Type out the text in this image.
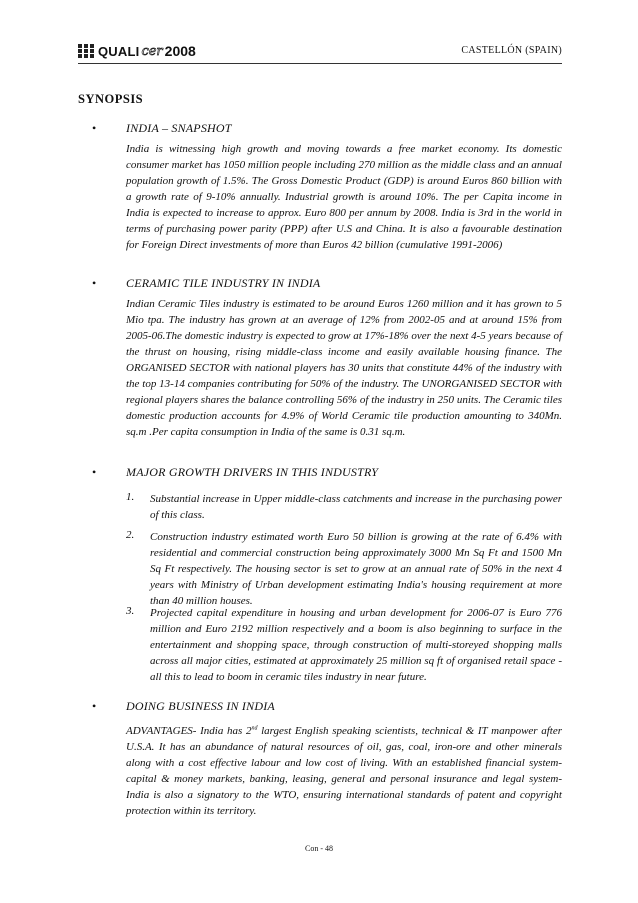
QUALI cer 2008	CASTELLÓN (SPAIN)
SYNOPSIS
• INDIA – SNAPSHOT

India is witnessing high growth and moving towards a free market economy. Its domestic consumer market has 1050 million people including 270 million as the middle class and an annual population growth of 1.5%. The Gross Domestic Product (GDP) is around Euros 860 billion with a growth rate of 9-10% annually. Industrial growth is around 10%. The per Capita income in India is expected to increase to approx. Euro 800 per annum by 2008. India is 3rd in the world in terms of purchasing power parity (PPP) after U.S and China. It is also a favourable destination for Foreign Direct investments of more than Euros 42 billion (cumulative 1991-2006)

• CERAMIC TILE INDUSTRY IN INDIA

Indian Ceramic Tiles industry is estimated to be around Euros 1260 million and it has grown to 5 Mio tpa. The industry has grown at an average of 12% from 2002-05 and at around 15% from 2005-06.The domestic industry is expected to grow at 17%-18% over the next 4-5 years because of the thrust on housing, rising middle-class income and easily available housing finance. The ORGANISED SECTOR with national players has 30 units that constitute 44% of the industry with the top 13-14 companies contributing for 50% of the industry. The UNORGANISED SECTOR with regional players shares the balance controlling 56% of the industry in 250 units. The Ceramic tiles domestic production accounts for 4.9% of World Ceramic tile production amounting to 340Mn. sq.m .Per capita consumption in India of the same is 0.31 sq.m.

• MAJOR GROWTH DRIVERS IN THIS INDUSTRY
1. Substantial increase in Upper middle-class catchments and increase in the purchasing power of this class.

2. Construction industry estimated worth Euro 50 billion is growing at the rate of 6.4% with residential and commercial construction being approximately 3000 Mn Sq Ft and 1500 Mn Sq Ft respectively. The housing sector is set to grow at an annual rate of 50% in the next 4 years with Ministry of Urban development estimating India's housing requirement at more than 40 million houses.

3. Projected capital expenditure in housing and urban development for 2006-07 is Euro 776 million and Euro 2192 million respectively and a boom is also beginning to surface in the entertainment and shopping space, through construction of multi-storeyed shopping malls across all major cities, estimated at approximately 25 million sq ft of organised retail space - all this to lead to boom in ceramic tiles industry in near future.

• DOING BUSINESS IN INDIA

ADVANTAGES- India has 2nd largest English speaking scientists, technical & IT manpower after U.S.A. It has an abundance of natural resources of oil, gas, coal, iron-ore and other minerals along with a cost effective labour and low cost of living. With an established financial system-capital & money markets, banking, leasing, general and personal insurance and legal system- India is also a signatory to the WTO, ensuring international standards of patent and copyright protection within its territory.

Con - 48
